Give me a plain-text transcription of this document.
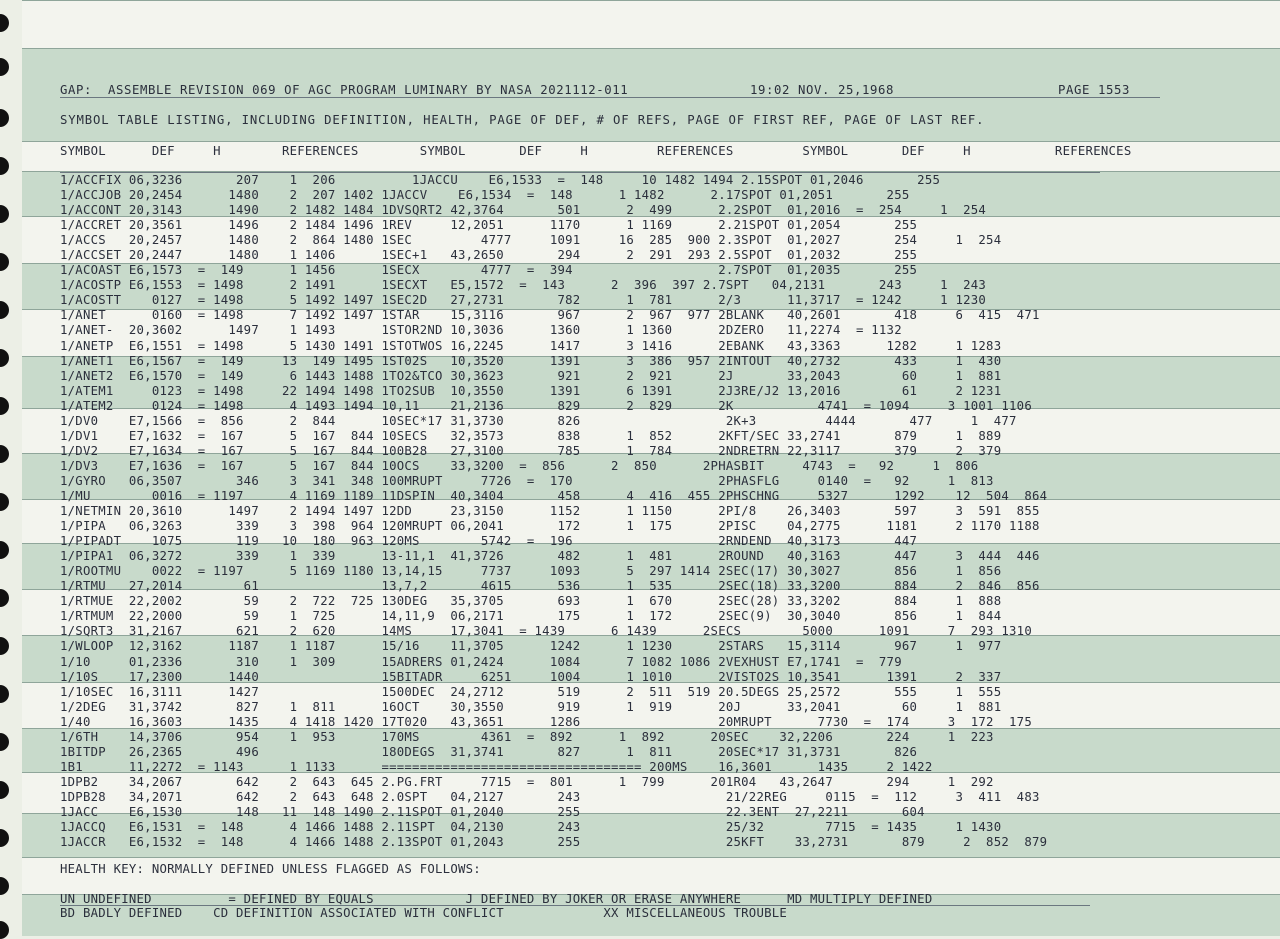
GAP:  ASSEMBLE REVISION 069 OF AGC PROGRAM LUMINARY BY NASA 2021112-011	19:02 NOV. 25,1968	PAGE 1553
SYMBOL TABLE LISTING, INCLUDING DEFINITION, HEALTH, PAGE OF DEF, # OF REFS, PAGE OF FIRST REF, PAGE OF LAST REF.
SYMBOL      DEF     H        REFERENCES        SYMBOL       DEF     H         REFERENCES         SYMBOL       DEF     H           REFERENCES
1/ACCFIX 06,3236       207    1  206          1JACCU    E6,1533  =  148     10 1482 1494 2.15SPOT 01,2046       255
1/ACCJOB 20,2454      1480    2  207 1402 1JACCV    E6,1534  =  148      1 1482      2.17SPOT 01,2051       255
1/ACCONT 20,3143      1490    2 1482 1484 1DVSQRT2 42,3764       501      2  499      2.2SPOT  01,2016  =  254     1  254
1/ACCRET 20,3561      1496    2 1484 1496 1REV     12,2051      1170      1 1169      2.21SPOT 01,2054       255
1/ACCS   20,2457      1480    2  864 1480 1SEC         4777     1091     16  285  900 2.3SPOT  01,2027       254     1  254
1/ACCSET 20,2447      1480    1 1406      1SEC+1   43,2650       294      2  291  293 2.5SPOT  01,2032       255
1/ACOAST E6,1573  =  149      1 1456      1SECX        4777  =  394                   2.7SPOT  01,2035       255
1/ACOSTP E6,1553  = 1498      2 1491      1SECXT   E5,1572  =  143      2  396  397 2.7SPT   04,2131       243     1  243
1/ACOSTT    0127  = 1498      5 1492 1497 1SEC2D   27,2731       782      1  781      2/3      11,3717  = 1242     1 1230
1/ANET      0160  = 1498      7 1492 1497 1STAR    15,3116       967      2  967  977 2BLANK   40,2601       418     6  415  471
1/ANET-  20,3602      1497    1 1493      1STOR2ND 10,3036      1360      1 1360      2DZERO   11,2274  = 1132
1/ANETP  E6,1551  = 1498      5 1430 1491 1STOTWOS 16,2245      1417      3 1416      2EBANK   43,3363      1282     1 1283
1/ANET1  E6,1567  =  149     13  149 1495 1ST02S   10,3520      1391      3  386  957 2INTOUT  40,2732       433     1  430
1/ANET2  E6,1570  =  149      6 1443 1488 1TO2&TCO 30,3623       921      2  921      2J       33,2043        60     1  881
1/ATEM1     0123  = 1498     22 1494 1498 1TO2SUB  10,3550      1391      6 1391      2J3RE/J2 13,2016        61     2 1231
1/ATEM2     0124  = 1498      4 1493 1494 10,11    21,2136       829      2  829      2K           4741  = 1094     3 1001 1106
1/DV0    E7,1566  =  856      2  844      10SEC*17 31,3730       826                   2K+3         4444       477     1  477
1/DV1    E7,1632  =  167      5  167  844 10SECS   32,3573       838      1  852      2KFT/SEC 33,2741       879     1  889
1/DV2    E7,1634  =  167      5  167  844 100B28   27,3100       785      1  784      2NDRETRN 22,3117       379     2  379
1/DV3    E7,1636  =  167      5  167  844 10OCS    33,3200  =  856      2  850      2PHASBIT     4743  =   92     1  806
1/GYRO   06,3507       346    3  341  348 100MRUPT     7726  =  170                   2PHASFLG     0140  =   92     1  813
1/MU        0016  = 1197      4 1169 1189 11DSPIN  40,3404       458      4  416  455 2PHSCHNG     5327      1292    12  504  864
1/NETMIN 20,3610      1497    2 1494 1497 12DD     23,3150      1152      1 1150      2PI/8    26,3403       597     3  591  855
1/PIPA   06,3263       339    3  398  964 120MRUPT 06,2041       172      1  175      2PISC    04,2775      1181     2 1170 1188
1/PIPADT    1075       119   10  180  963 120MS        5742  =  196                   2RNDEND  40,3173       447
1/PIPA1  06,3272       339    1  339      13-11,1  41,3726       482      1  481      2ROUND   40,3163       447     3  444  446
1/ROOTMU    0022  = 1197      5 1169 1180 13,14,15     7737     1093      5  297 1414 2SEC(17) 30,3027       856     1  856
1/RTMU   27,2014        61                13,7,2       4615      536      1  535      2SEC(18) 33,3200       884     2  846  856
1/RTMUE  22,2002        59    2  722  725 130DEG   35,3705       693      1  670      2SEC(28) 33,3202       884     1  888
1/RTMUM  22,2000        59    1  725      14,11,9  06,2171       175      1  172      2SEC(9)  30,3040       856     1  844
1/SQRT3  31,2167       621    2  620      14MS     17,3041  = 1439      6 1439      2SECS        5000      1091     7  293 1310
1/WLOOP  12,3162      1187    1 1187      15/16    11,3705      1242      1 1230      2STARS   15,3114       967     1  977
1/10     01,2336       310    1  309      15ADRERS 01,2424      1084      7 1082 1086 2VEXHUST E7,1741  =  779
1/10S    17,2300      1440                15BITADR     6251     1004      1 1010      2VISTO2S 10,3541      1391     2  337
1/10SEC  16,3111      1427                1500DEC  24,2712       519      2  511  519 20.5DEGS 25,2572       555     1  555
1/2DEG   31,3742       827    1  811      16OCT    30,3550       919      1  919      20J      33,2041        60     1  881
1/40     16,3603      1435    4 1418 1420 17T020   43,3651      1286                  20MRUPT      7730  =  174     3  172  175
1/6TH    14,3706       954    1  953      170MS        4361  =  892      1  892      20SEC    32,2206       224     1  223
1BITDP   26,2365       496                180DEGS  31,3741       827      1  811      20SEC*17 31,3731       826
1B1      11,2272  = 1143      1 1133      ================================== 200MS    16,3601      1435     2 1422
1DPB2    34,2067       642    2  643  645 2.PG.FRT     7715  =  801      1  799      201R04   43,2647       294     1  292
1DPB28   34,2071       642    2  643  648 2.0SPT   04,2127       243                   21/22REG     0115  =  112     3  411  483
1JACC    E6,1530       148   11  148 1490 2.11SPOT 01,2040       255                   22.3ENT  27,2211       604
1JACCQ   E6,1531  =  148      4 1466 1488 2.11SPT  04,2130       243                   25/32        7715  = 1435     1 1430
1JACCR   E6,1532  =  148      4 1466 1488 2.13SPOT 01,2043       255                   25KFT    33,2731       879     2  852  879
HEALTH KEY: NORMALLY DEFINED UNLESS FLAGGED AS FOLLOWS:
UN UNDEFINED          = DEFINED BY EQUALS            J DEFINED BY JOKER OR ERASE ANYWHERE      MD MULTIPLY DEFINED
BD BADLY DEFINED    CD DEFINITION ASSOCIATED WITH CONFLICT             XX MISCELLANEOUS TROUBLE
